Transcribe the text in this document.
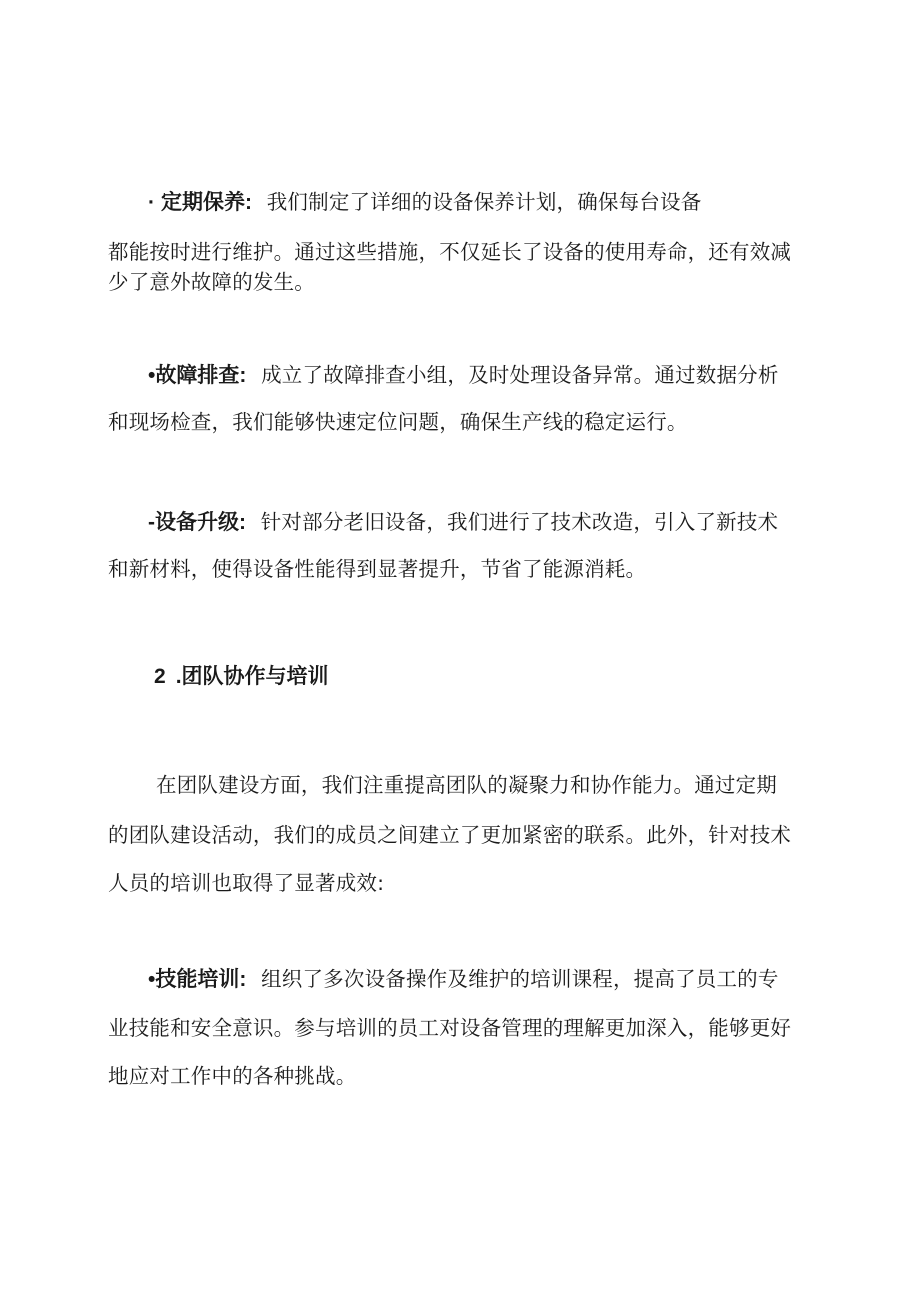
· 定期保养: 我们制定了详细的设备保养计划，确保每台设备
都能按时进行维护。通过这些措施，不仅延长了设备的使用寿命，还有效减
少了意外故障的发生。
•故障排查: 成立了故障排查小组，及时处理设备异常。通过数据分析
和现场检查，我们能够快速定位问题，确保生产线的稳定运行。
-设备升级: 针对部分老旧设备，我们进行了技术改造，引入了新技术
和新材料，使得设备性能得到显著提升，节省了能源消耗。
2 .团队协作与培训
在团队建设方面，我们注重提高团队的凝聚力和协作能力。通过定期
的团队建设活动，我们的成员之间建立了更加紧密的联系。此外，针对技术
人员的培训也取得了显著成效:
•技能培训: 组织了多次设备操作及维护的培训课程，提高了员工的专
业技能和安全意识。参与培训的员工对设备管理的理解更加深入，能够更好
地应对工作中的各种挑战。
